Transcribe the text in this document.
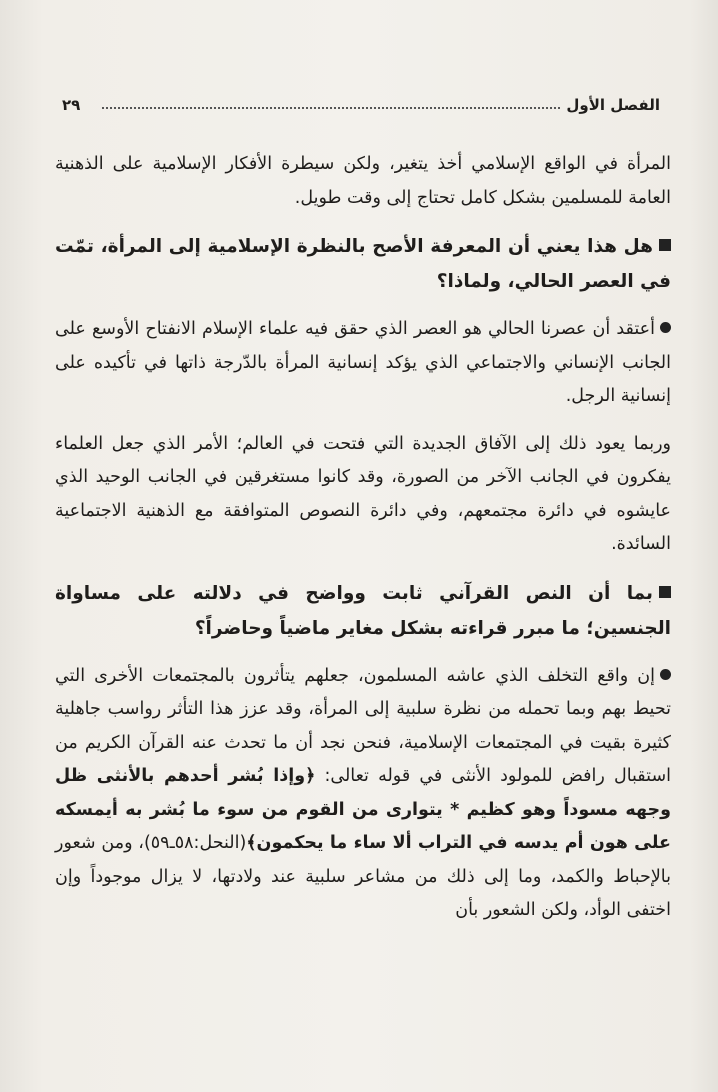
الفصل الأول
٢٩

المرأة في الواقع الإسلامي أخذ يتغير، ولكن سيطرة الأفكار الإسلامية على الذهنية العامة للمسلمين بشكل كامل تحتاج إلى وقت طويل.

هل هذا يعني أن المعرفة الأصح بالنظرة الإسلامية إلى المرأة، تمّت في العصر الحالي، ولماذا؟

أعتقد أن عصرنا الحالي هو العصر الذي حقق فيه علماء الإسلام الانفتاح الأوسع على الجانب الإنساني والاجتماعي الذي يؤكد إنسانية المرأة بالدّرجة ذاتها في تأكيده على إنسانية الرجل.

وربما يعود ذلك إلى الآفاق الجديدة التي فتحت في العالم؛ الأمر الذي جعل العلماء يفكرون في الجانب الآخر من الصورة، وقد كانوا مستغرقين في الجانب الوحيد الذي عايشوه في دائرة مجتمعهم، وفي دائرة النصوص المتوافقة مع الذهنية الاجتماعية السائدة.

بما أن النص القرآني ثابت وواضح في دلالته على مساواة الجنسين؛ ما مبرر قراءته بشكل مغاير ماضياً وحاضراً؟

إن واقع التخلف الذي عاشه المسلمون، جعلهم يتأثرون بالمجتمعات الأخرى التي تحيط بهم وبما تحمله من نظرة سلبية إلى المرأة، وقد عزز هذا التأثر رواسب جاهلية كثيرة بقيت في المجتمعات الإسلامية، فنحن نجد أن ما تحدث عنه القرآن الكريم من استقبال رافض للمولود الأنثى في قوله تعالى: ﴿وإذا بُشر أحدهم بالأنثى ظل وجهه مسوداً وهو كظيم * يتوارى من القوم من سوء ما بُشر به أيمسكه على هون أم يدسه في التراب ألا ساء ما يحكمون﴾(النحل:٥٨ـ٥٩)، ومن شعور بالإحباط والكمد، وما إلى ذلك من مشاعر سلبية عند ولادتها، لا يزال موجوداً وإن اختفى الوأد، ولكن الشعور بأن
